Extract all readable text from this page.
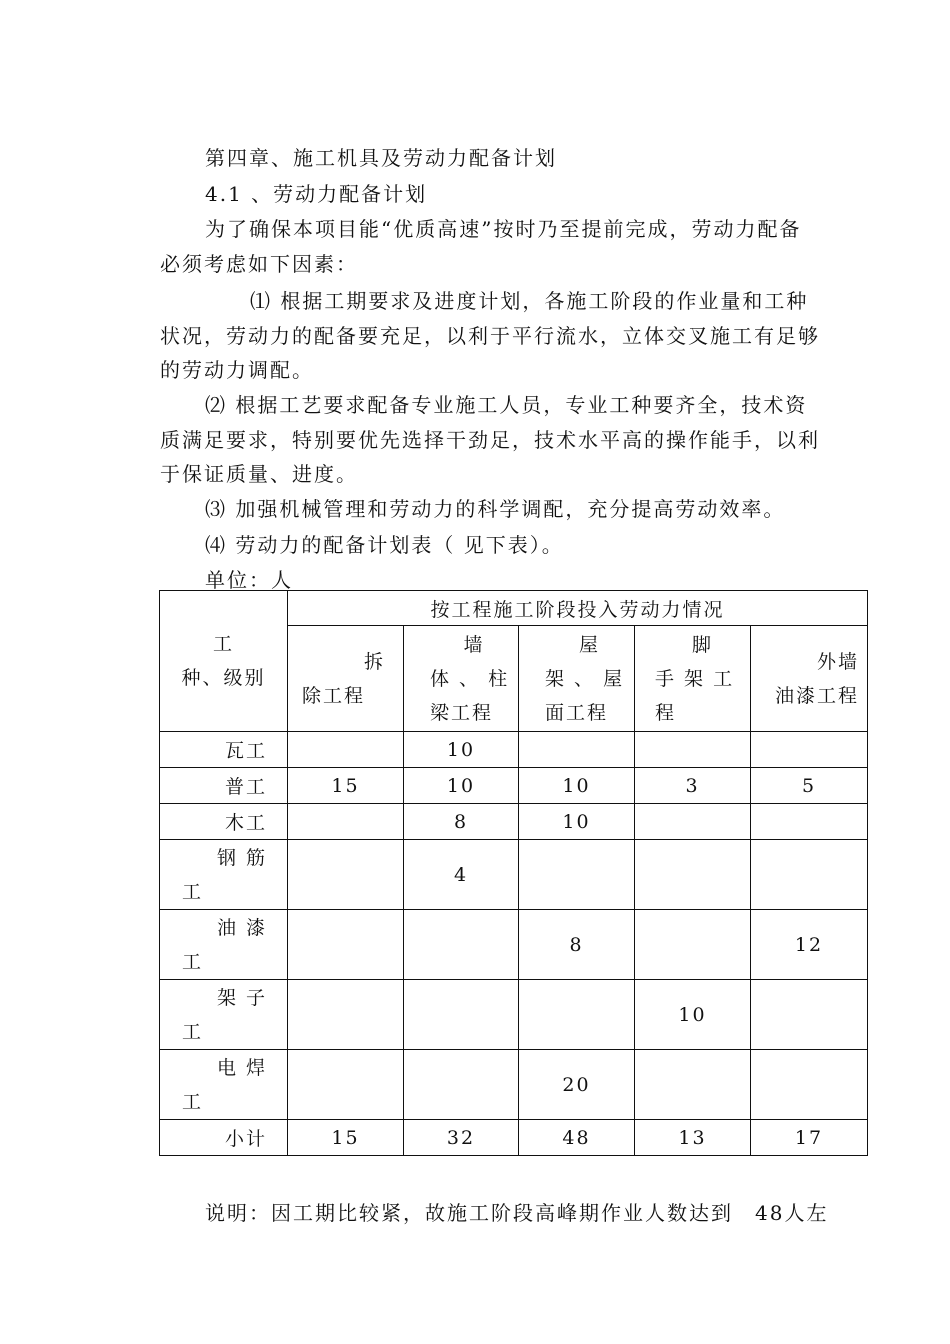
第四章、施工机具及劳动力配备计划
4.1 、劳动力配备计划
为了确保本项目能“优质高速”按时乃至提前完成，劳动力配备
必须考虑如下因素：
⑴ 根据工期要求及进度计划，各施工阶段的作业量和工种
状况，劳动力的配备要充足，以利于平行流水，立体交叉施工有足够
的劳动力调配。
⑵ 根据工艺要求配备专业施工人员，专业工种要齐全，技术资
质满足要求，特别要优先选择干劲足，技术水平高的操作能手，以利
于保证质量、进度。
⑶ 加强机械管理和劳动力的科学调配，充分提高劳动效率。
⑷ 劳动力的配备计划表（ 见下表）。
单位：人
工
种、级别	按工程施工阶段投入劳动力情况				

	拆
除工程	墙
体 、 柱
梁工程	屋
架 、 屋
面工程	脚
手 架 工
程	外墙
油漆工程

瓦工		10			
普工	15	10	10	3	5
木工		8	10		

钢 筋
工		4			

油 漆
工			8		12

架 子
工				10	

电 焊
工			20		
小计	15	32	48	13	17
说明：因工期比较紧，故施工阶段高峰期作业人数达到　48人左
